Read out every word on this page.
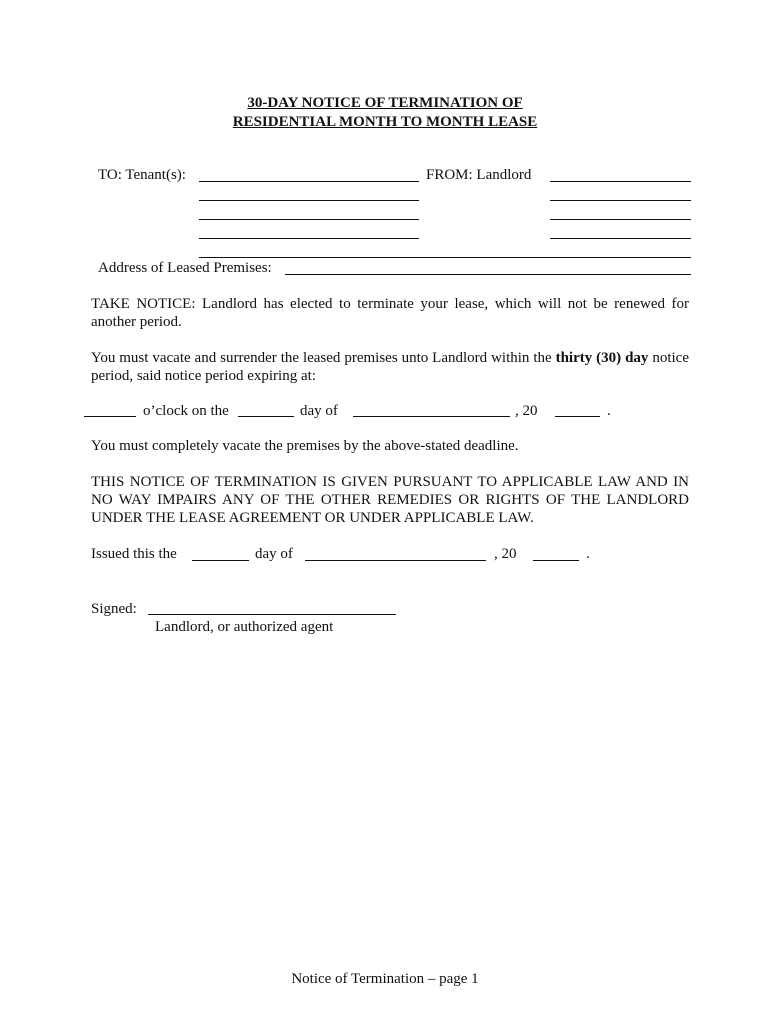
30-DAY NOTICE OF TERMINATION OF
RESIDENTIAL MONTH TO MONTH LEASE
TO: Tenant(s):	FROM: Landlord
Address of Leased Premises:
TAKE NOTICE: Landlord has elected to terminate your lease, which will not be renewed for another period.
You must vacate and surrender the leased premises unto Landlord within the thirty (30) day notice period, said notice period expiring at:
o’clock on the	day of	, 20	.
You must completely vacate the premises by the above-stated deadline.
THIS NOTICE OF TERMINATION IS GIVEN PURSUANT TO APPLICABLE LAW AND IN NO WAY IMPAIRS ANY OF THE OTHER REMEDIES OR RIGHTS OF THE LANDLORD UNDER THE LEASE AGREEMENT OR UNDER APPLICABLE LAW.
Issued this the	day of	, 20	.
Signed:
Landlord, or authorized agent
Notice of Termination – page 1
